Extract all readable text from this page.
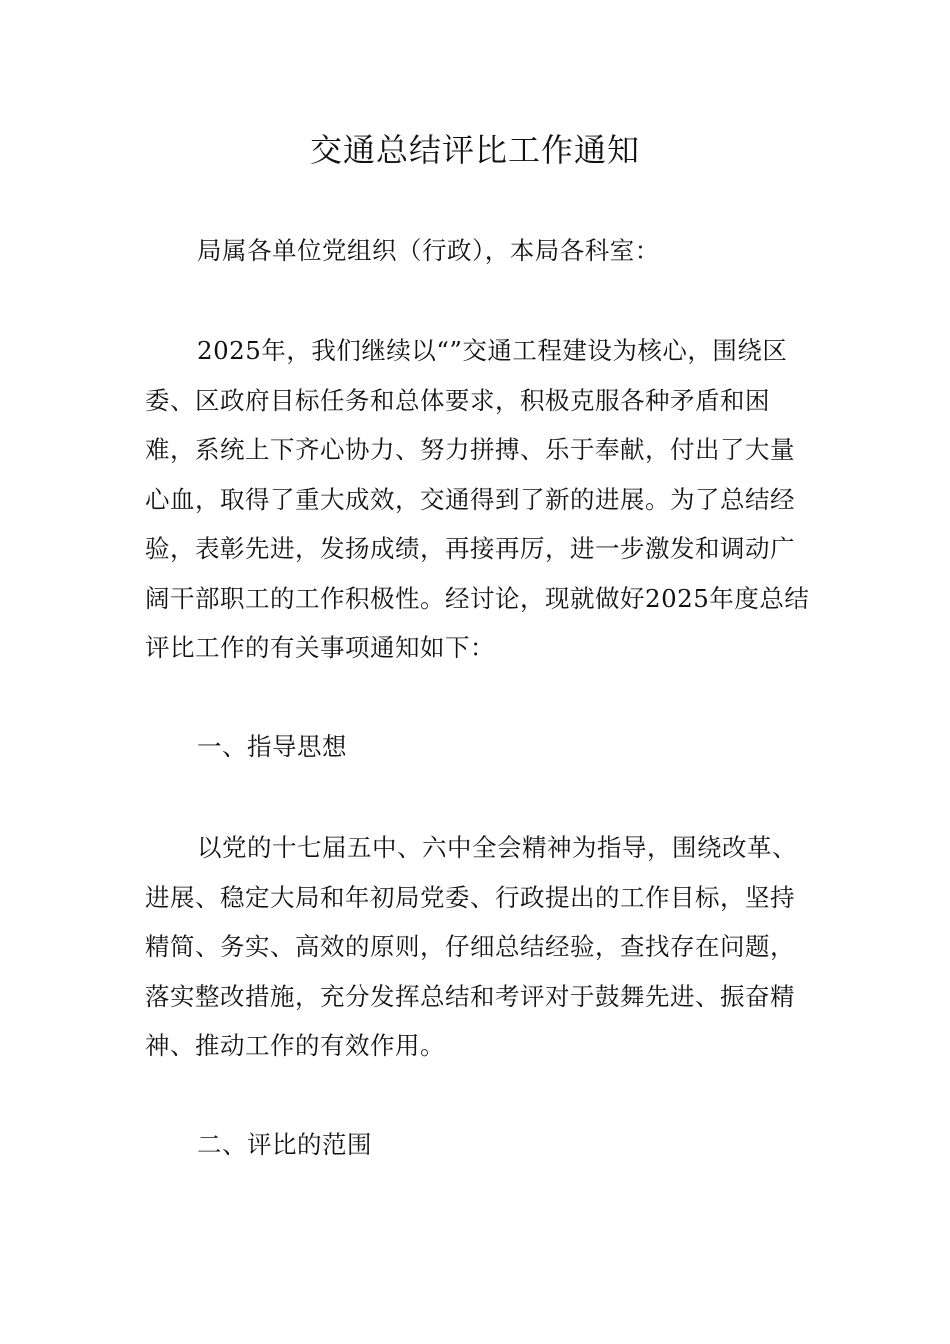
交通总结评比工作通知

局属各单位党组织（行政），本局各科室：

2025年，我们继续以“”交通工程建设为核心，围绕区委、区政府目标任务和总体要求，积极克服各种矛盾和困难，系统上下齐心协力、努力拼搏、乐于奉献，付出了大量心血，取得了重大成效，交通得到了新的进展。为了总结经验，表彰先进，发扬成绩，再接再厉，进一步激发和调动广阔干部职工的工作积极性。经讨论，现就做好2025年度总结评比工作的有关事项通知如下：

一、指导思想

以党的十七届五中、六中全会精神为指导，围绕改革、进展、稳定大局和年初局党委、行政提出的工作目标，坚持精简、务实、高效的原则，仔细总结经验，查找存在问题，落实整改措施，充分发挥总结和考评对于鼓舞先进、振奋精神、推动工作的有效作用。

二、评比的范围
